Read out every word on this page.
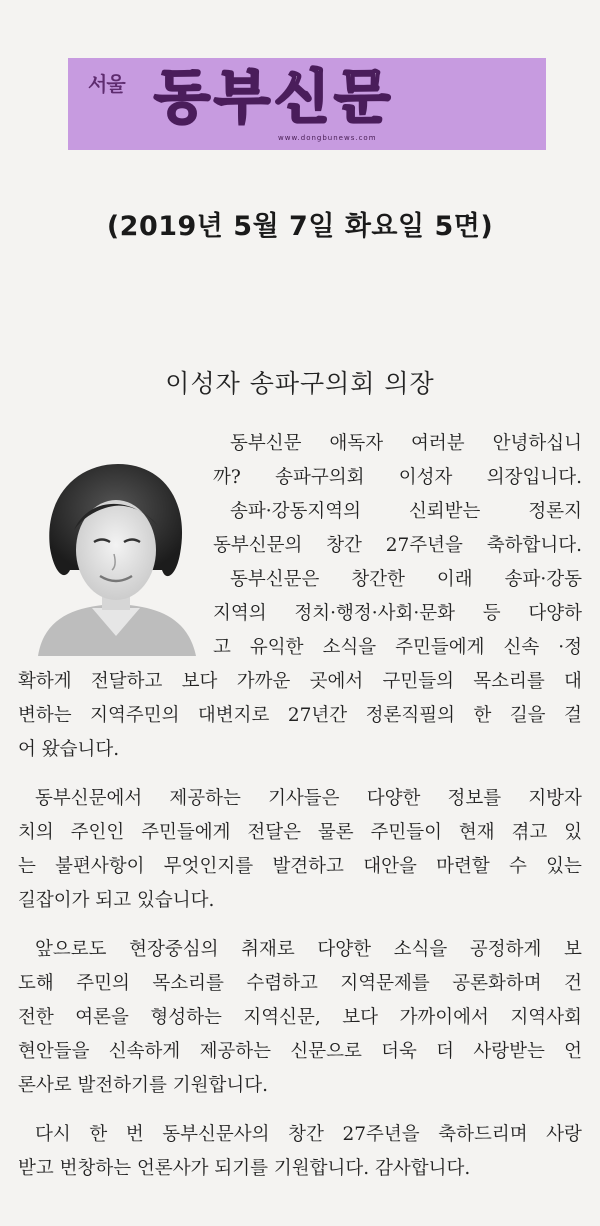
서울 동부신문
www.dongbunews.com
(2019년 5월 7일 화요일 5면)
이성자 송파구의회 의장
동부신문 애독자 여러분 안녕하십니
까? 송파구의회 이성자 의장입니다.
송파·강동지역의	신뢰받는	정론지
동부신문의 창간 27주년을 축하합니다.
동부신문은 창간한 이래 송파·강동
지역의 정치·행정·사회·문화 등 다양하
고 유익한 소식을 주민들에게 신속 ·정
확하게 전달하고 보다 가까운 곳에서 구민들의 목소리를 대
변하는 지역주민의 대변지로 27년간 정론직필의 한 길을 걸
어 왔습니다.
동부신문에서 제공하는 기사들은 다양한 정보를 지방자
치의 주인인 주민들에게 전달은 물론 주민들이 현재 겪고 있
는 불편사항이 무엇인지를 발견하고 대안을 마련할 수 있는
길잡이가 되고 있습니다.
앞으로도 현장중심의 취재로 다양한 소식을 공정하게 보
도해 주민의 목소리를 수렴하고 지역문제를 공론화하며 건
전한 여론을 형성하는 지역신문, 보다 가까이에서 지역사회
현안들을 신속하게 제공하는 신문으로 더욱 더 사랑받는 언
론사로 발전하기를 기원합니다.
다시 한 번 동부신문사의 창간 27주년을 축하드리며 사랑
받고 번창하는 언론사가 되기를 기원합니다. 감사합니다.
